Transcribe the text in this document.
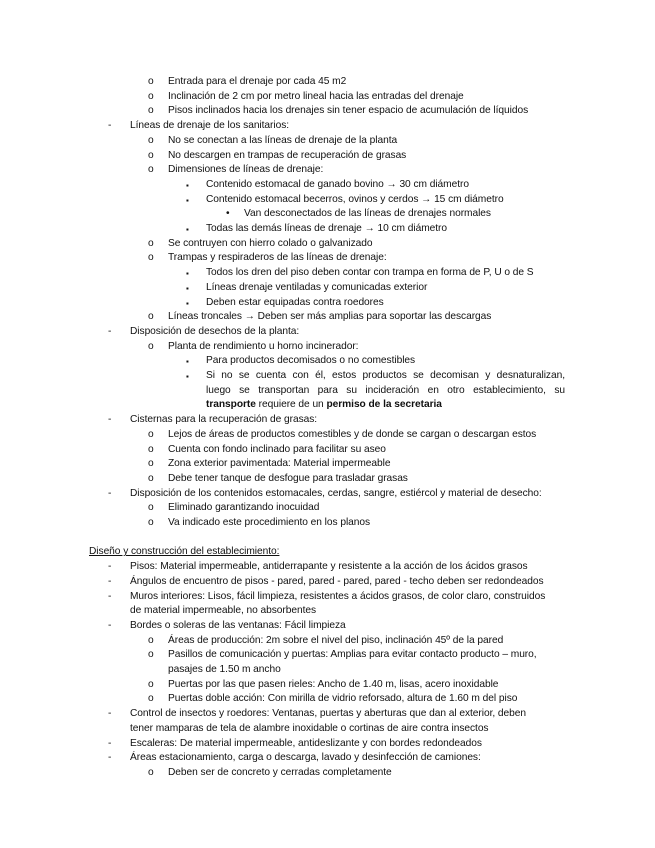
o Entrada para el drenaje por cada 45 m2
o Inclinación de 2 cm por metro lineal hacia las entradas del drenaje
o Pisos inclinados hacia los drenajes sin tener espacio de acumulación de líquidos
- Líneas de drenaje de los sanitarios:
o No se conectan a las líneas de drenaje de la planta
o No descargen en trampas de recuperación de grasas
o Dimensiones de líneas de drenaje:
▪ Contenido estomacal de ganado bovino → 30 cm diámetro
▪ Contenido estomacal becerros, ovinos y cerdos → 15 cm diámetro
• Van desconectados de las líneas de drenajes normales
▪ Todas las demás líneas de drenaje → 10 cm diámetro
o Se contruyen con hierro colado o galvanizado
o Trampas y respiraderos de las líneas de drenaje:
▪ Todos los dren del piso deben contar con trampa en forma de P, U o de S
▪ Líneas drenaje ventiladas y comunicadas exterior
▪ Deben estar equipadas contra roedores
o Líneas troncales → Deben ser más amplias para soportar las descargas
- Disposición de desechos de la planta:
o Planta de rendimiento u horno incinerador:
▪ Para productos decomisados o no comestibles
▪ Si no se cuenta con él, estos productos se decomisan y desnaturalizan,
luego se transportan para su incideración en otro establecimiento, su
transporte requiere de un permiso de la secretaria
- Cisternas para la recuperación de grasas:
o Lejos de áreas de productos comestibles y de donde se cargan o descargan estos
o Cuenta con fondo inclinado para facilitar su aseo
o Zona exterior pavimentada: Material impermeable
o Debe tener tanque de desfogue para trasladar grasas
- Disposición de los contenidos estomacales, cerdas, sangre, estiércol y material de desecho:
o Eliminado garantizando inocuidad
o Va indicado este procedimiento en los planos
Diseño y construcción del establecimiento:
- Pisos: Material impermeable, antiderrapante y resistente a la acción de los ácidos grasos
- Ángulos de encuentro de pisos - pared, pared - pared, pared - techo deben ser redondeados
- Muros interiores: Lisos, fácil limpieza, resistentes a ácidos grasos, de color claro, construidos
de material impermeable, no absorbentes
- Bordes o soleras de las ventanas: Fácil limpieza
o Áreas de producción: 2m sobre el nivel del piso, inclinación 45º de la pared
o Pasillos de comunicación y puertas: Amplias para evitar contacto producto – muro,
pasajes de 1.50 m ancho
o Puertas por las que pasen rieles: Ancho de 1.40 m, lisas, acero inoxidable
o Puertas doble acción: Con mirilla de vidrio reforsado, altura de 1.60 m del piso
- Control de insectos y roedores: Ventanas, puertas y aberturas que dan al exterior, deben
tener mamparas de tela de alambre inoxidable o cortinas de aire contra insectos
- Escaleras: De material impermeable, antideslizante y con bordes redondeados
- Áreas estacionamiento, carga o descarga, lavado y desinfección de camiones:
o Deben ser de concreto y cerradas completamente
